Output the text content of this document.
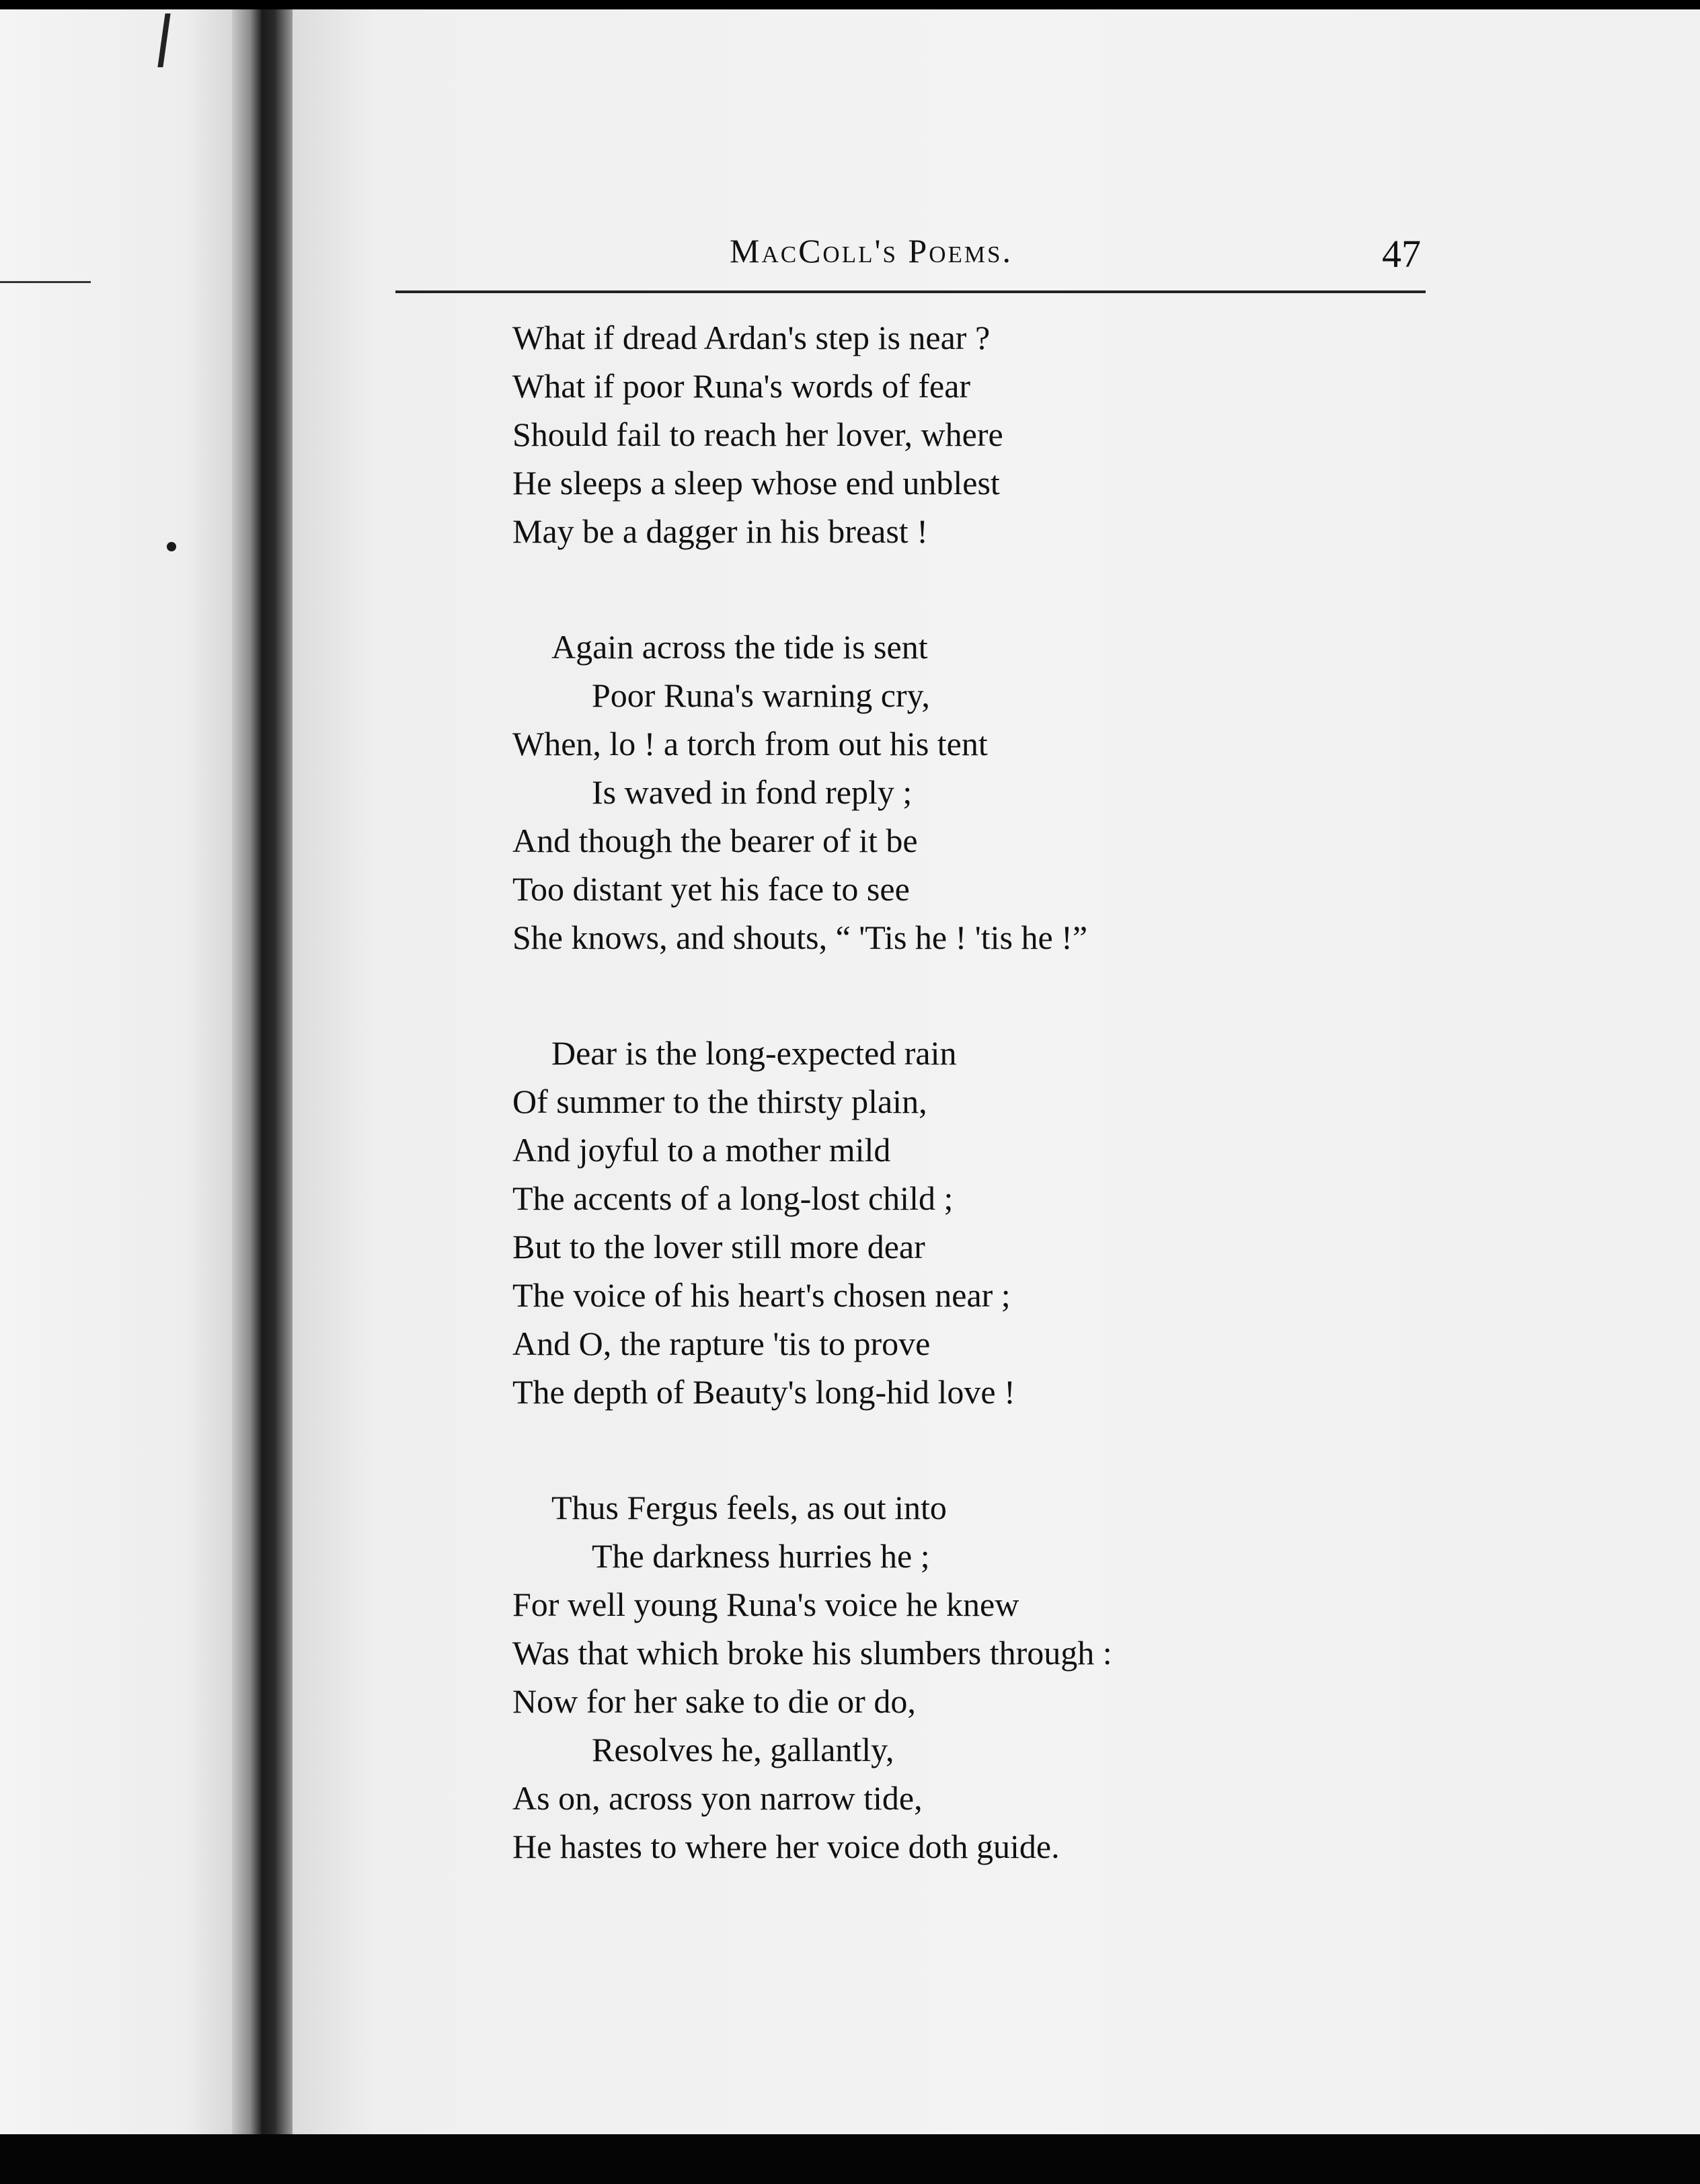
MacColl's Poems.	47
What if dread Ardan's step is near ?
What if poor Runa's words of fear
Should fail to reach her lover, where
He sleeps a sleep whose end unblest
May be a dagger in his breast !
Again across the tide is sent
Poor Runa's warning cry,
When, lo ! a torch from out his tent
Is waved in fond reply ;
And though the bearer of it be
Too distant yet his face to see
She knows, and shouts, “ 'Tis he ! 'tis he !”
Dear is the long-expected rain
Of summer to the thirsty plain,
And joyful to a mother mild
The accents of a long-lost child ;
But to the lover still more dear
The voice of his heart's chosen near ;
And O, the rapture 'tis to prove
The depth of Beauty's long-hid love !
Thus Fergus feels, as out into
The darkness hurries he ;
For well young Runa's voice he knew
Was that which broke his slumbers through :
Now for her sake to die or do,
Resolves he, gallantly,
As on, across yon narrow tide,
He hastes to where her voice doth guide.
